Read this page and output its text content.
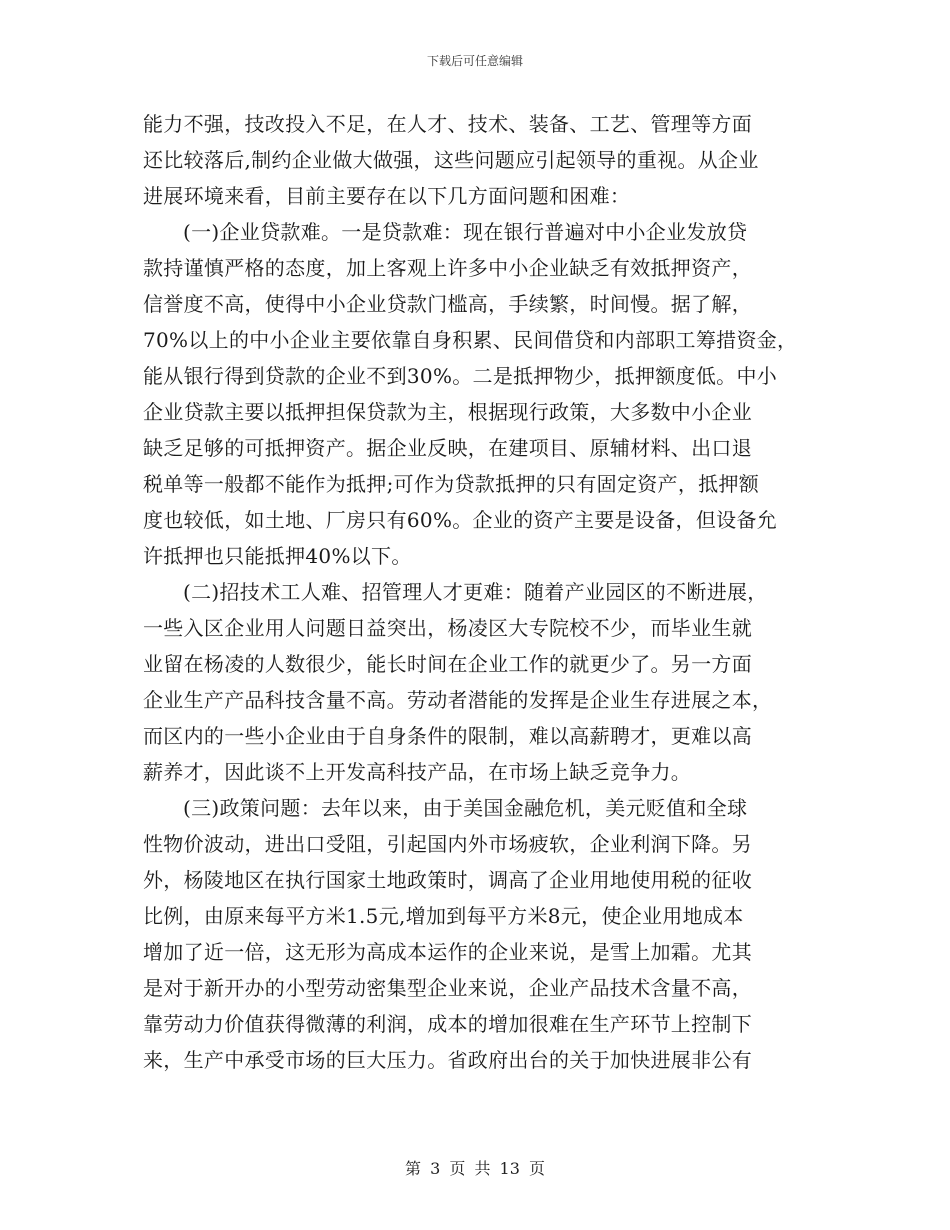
下载后可任意编辑
能力不强，技改投入不足，在人才、技术、装备、工艺、管理等方面
还比较落后,制约企业做大做强，这些问题应引起领导的重视。从企业
进展环境来看，目前主要存在以下几方面问题和困难：
(一)企业贷款难。一是贷款难：现在银行普遍对中小企业发放贷
款持谨慎严格的态度，加上客观上许多中小企业缺乏有效抵押资产，
信誉度不高，使得中小企业贷款门槛高，手续繁，时间慢。据了解，
70%以上的中小企业主要依靠自身积累、民间借贷和内部职工筹措资金，
能从银行得到贷款的企业不到30%。二是抵押物少，抵押额度低。中小
企业贷款主要以抵押担保贷款为主，根据现行政策，大多数中小企业
缺乏足够的可抵押资产。据企业反映，在建项目、原辅材料、出口退
税单等一般都不能作为抵押;可作为贷款抵押的只有固定资产，抵押额
度也较低，如土地、厂房只有60%。企业的资产主要是设备，但设备允
许抵押也只能抵押40%以下。
(二)招技术工人难、招管理人才更难：随着产业园区的不断进展，
一些入区企业用人问题日益突出，杨凌区大专院校不少，而毕业生就
业留在杨凌的人数很少，能长时间在企业工作的就更少了。另一方面
企业生产产品科技含量不高。劳动者潜能的发挥是企业生存进展之本，
而区内的一些小企业由于自身条件的限制，难以高薪聘才，更难以高
薪养才，因此谈不上开发高科技产品，在市场上缺乏竞争力。
(三)政策问题：去年以来，由于美国金融危机，美元贬值和全球
性物价波动，进出口受阻，引起国内外市场疲软，企业利润下降。另
外，杨陵地区在执行国家土地政策时，调高了企业用地使用税的征收
比例，由原来每平方米1.5元,增加到每平方米8元，使企业用地成本
增加了近一倍，这无形为高成本运作的企业来说，是雪上加霜。尤其
是对于新开办的小型劳动密集型企业来说，企业产品技术含量不高，
靠劳动力价值获得微薄的利润，成本的增加很难在生产环节上控制下
来，生产中承受市场的巨大压力。省政府出台的关于加快进展非公有
第 3 页 共 13 页
